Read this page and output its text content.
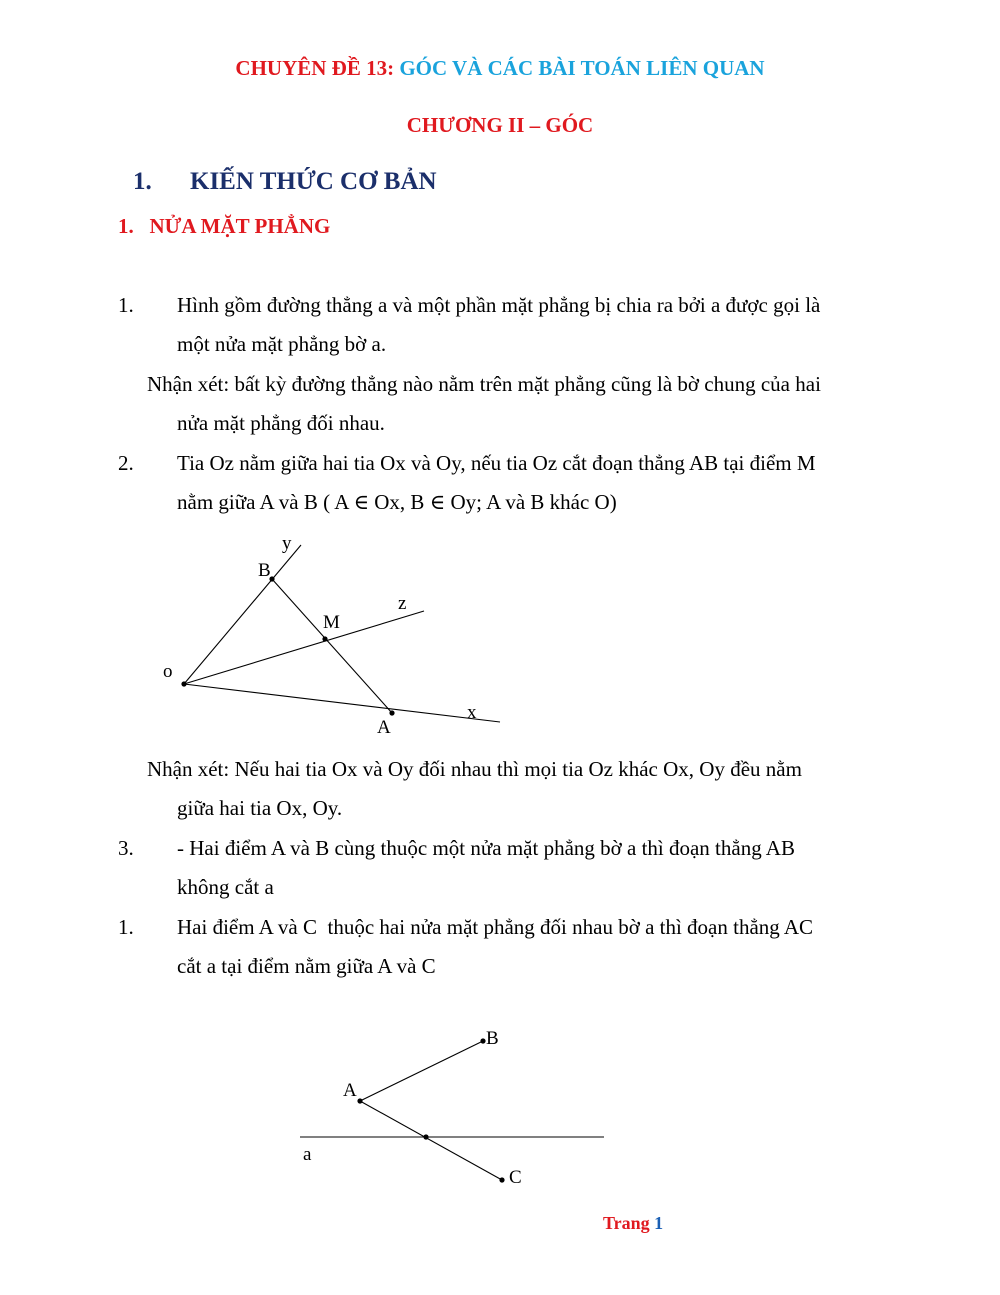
CHUYÊN ĐỀ 13: GÓC VÀ CÁC BÀI TOÁN LIÊN QUAN
CHƯƠNG II – GÓC
1. KIẾN THỨC CƠ BẢN
1.   NỬA MẶT PHẲNG
1. Hình gồm đường thẳng a và một phần mặt phẳng bị chia ra bởi a được gọi là
một nửa mặt phẳng bờ a.
Nhận xét: bất kỳ đường thẳng nào nằm trên mặt phẳng cũng là bờ chung của hai
nửa mặt phẳng đối nhau.
2. Tia Oz nằm giữa hai tia Ox và Oy, nếu tia Oz cắt đoạn thẳng AB tại điểm M
nằm giữa A và B ( A ∈ Ox, B ∈ Oy; A và B khác O)
y
B
z
M
o
A
x
Nhận xét: Nếu hai tia Ox và Oy đối nhau thì mọi tia Oz khác Ox, Oy đều nằm
giữa hai tia Ox, Oy.
3. - Hai điểm A và B cùng thuộc một nửa mặt phẳng bờ a thì đoạn thẳng AB
không cắt a
1. Hai điểm A và C  thuộc hai nửa mặt phẳng đối nhau bờ a thì đoạn thẳng AC
cắt a tại điểm nằm giữa A và C
B
A
a
C
Trang 1
